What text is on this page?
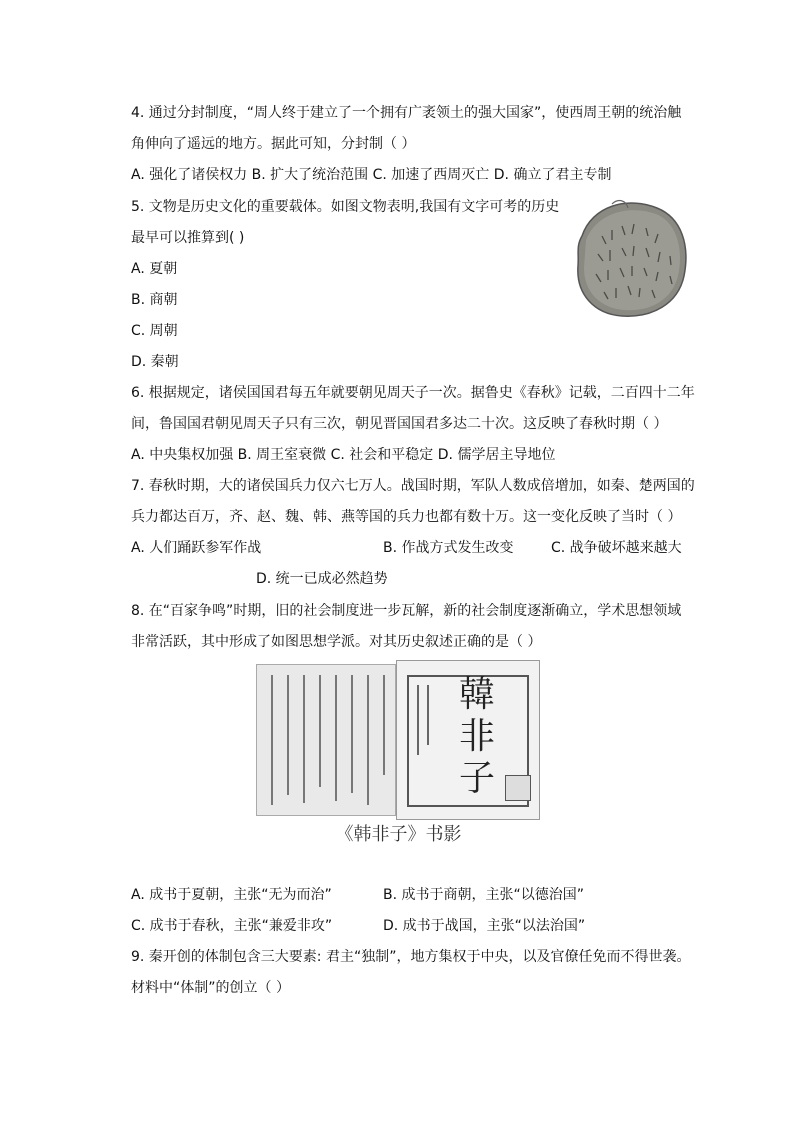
4. 通过分封制度，“周人终于建立了一个拥有广袤领土的强大国家”，使西周王朝的统治触
角伸向了遥远的地方。据此可知，分封制（ ）
A. 强化了诸侯权力 B. 扩大了统治范围 C. 加速了西周灭亡 D. 确立了君主专制
5. 文物是历史文化的重要载体。如图文物表明,我国有文字可考的历史
最早可以推算到( )
A. 夏朝
B. 商朝
C. 周朝
D. 秦朝
6. 根据规定，诸侯国国君每五年就要朝见周天子一次。据鲁史《春秋》记载，二百四十二年
间，鲁国国君朝见周天子只有三次，朝见晋国国君多达二十次。这反映了春秋时期（ ）
A. 中央集权加强 B. 周王室衰微 C. 社会和平稳定 D. 儒学居主导地位
7. 春秋时期，大的诸侯国兵力仅六七万人。战国时期，军队人数成倍增加，如秦、楚两国的
兵力都达百万，齐、赵、魏、韩、燕等国的兵力也都有数十万。这一变化反映了当时（ ）
A. 人们踊跃参军作战	B. 作战方式发生改变	C. 战争破坏越来越大
D. 统一已成必然趋势
8. 在“百家争鸣”时期，旧的社会制度进一步瓦解，新的社会制度逐渐确立，学术思想领域
非常活跃，其中形成了如图思想学派。对其历史叙述正确的是（ ）
韓
非
子
《韩非子》书影
A. 成书于夏朝，主张“无为而治”	B. 成书于商朝，主张“以德治国”
C. 成书于春秋，主张“兼爱非攻”	D. 成书于战国，主张“以法治国”
9. 秦开创的体制包含三大要素: 君主“独制”，地方集权于中央，以及官僚任免而不得世袭。
材料中“体制”的创立（ ）
